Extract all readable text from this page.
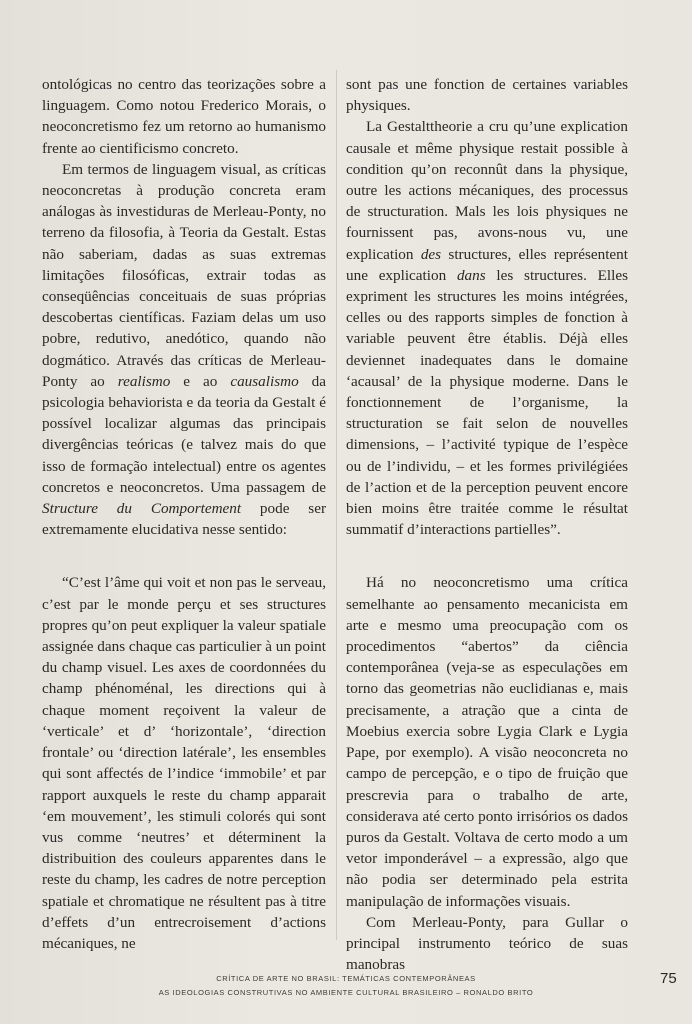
ontológicas no centro das teorizações sobre a linguagem. Como notou Frederico Morais, o neoconcretismo fez um retorno ao humanismo frente ao cientificismo concreto.

Em termos de linguagem visual, as críticas neoconcretas à produção concreta eram análogas às investiduras de Merleau-Ponty, no terreno da filosofia, à Teoria da Gestalt. Estas não saberiam, dadas as suas extremas limitações filosóficas, extrair todas as conseqüências conceituais de suas próprias descobertas científicas. Faziam delas um uso pobre, redutivo, anedótico, quando não dogmático. Através das críticas de Merleau-Ponty ao realismo e ao causalismo da psicologia behaviorista e da teoria da Gestalt é possível localizar algumas das principais divergências teóricas (e talvez mais do que isso de formação intelectual) entre os agentes concretos e neoconcretos. Uma passagem de Structure du Comportement pode ser extremamente elucidativa nesse sentido:

“C’est l’âme qui voit et non pas le serveau, c’est par le monde perçu et ses structures propres qu’on peut expliquer la valeur spatiale assignée dans chaque cas particulier à un point du champ visuel. Les axes de coordonnées du champ phénoménal, les directions qui à chaque moment reçoivent la valeur de ‘verticale’ et d’ ‘horizontale’, ‘direction frontale’ ou ‘direction latérale’, les ensembles qui sont affectés de l’indice ‘immobile’ et par rapport auxquels le reste du champ apparait ‘em mouvement’, les stimuli colorés qui sont vus comme ‘neutres’ et déterminent la distribuition des couleurs apparentes dans le reste du champ, les cadres de notre perception spatiale et chromatique ne résultent pas à titre d’effets d’un entrecroisement d’actions mécaniques, ne

sont pas une fonction de certaines variables physiques.

La Gestalttheorie a cru qu’une explication causale et même physique restait possible à condition qu’on reconnût dans la physique, outre les actions mécaniques, des processus de structuration. Mals les lois physiques ne fournissent pas, avons-nous vu, une explication des structures, elles représentent une explication dans les structures. Elles expriment les structures les moins intégrées, celles ou des rapports simples de fonction à variable peuvent être établis. Déjà elles deviennet inadequates dans le domaine ‘acausal’ de la physique moderne. Dans le fonctionnement de l’organisme, la structuration se fait selon de nouvelles dimensions, – l’activité typique de l’espèce ou de l’individu, – et les formes privilégiées de l’action et de la perception peuvent encore bien moins être traitée comme le résultat summatif d’interactions partielles”.

Há no neoconcretismo uma crítica semelhante ao pensamento mecanicista em arte e mesmo uma preocupação com os procedimentos “abertos” da ciência contemporânea (veja-se as especulações em torno das geometrias não euclidianas e, mais precisamente, a atração que a cinta de Moebius exercia sobre Lygia Clark e Lygia Pape, por exemplo). A visão neoconcreta no campo de percepção, e o tipo de fruição que prescrevia para o trabalho de arte, considerava até certo ponto irrisórios os dados puros da Gestalt. Voltava de certo modo a um vetor imponderável – a expressão, algo que não podia ser determinado pela estrita manipulação de informações visuais.

Com Merleau-Ponty, para Gullar o principal instrumento teórico de suas manobras

CRÍTICA DE ARTE NO BRASIL: TEMÁTICAS CONTEMPORÂNEAS
AS IDEOLOGIAS CONSTRUTIVAS NO AMBIENTE CULTURAL BRASILEIRO – RONALDO BRITO
75
